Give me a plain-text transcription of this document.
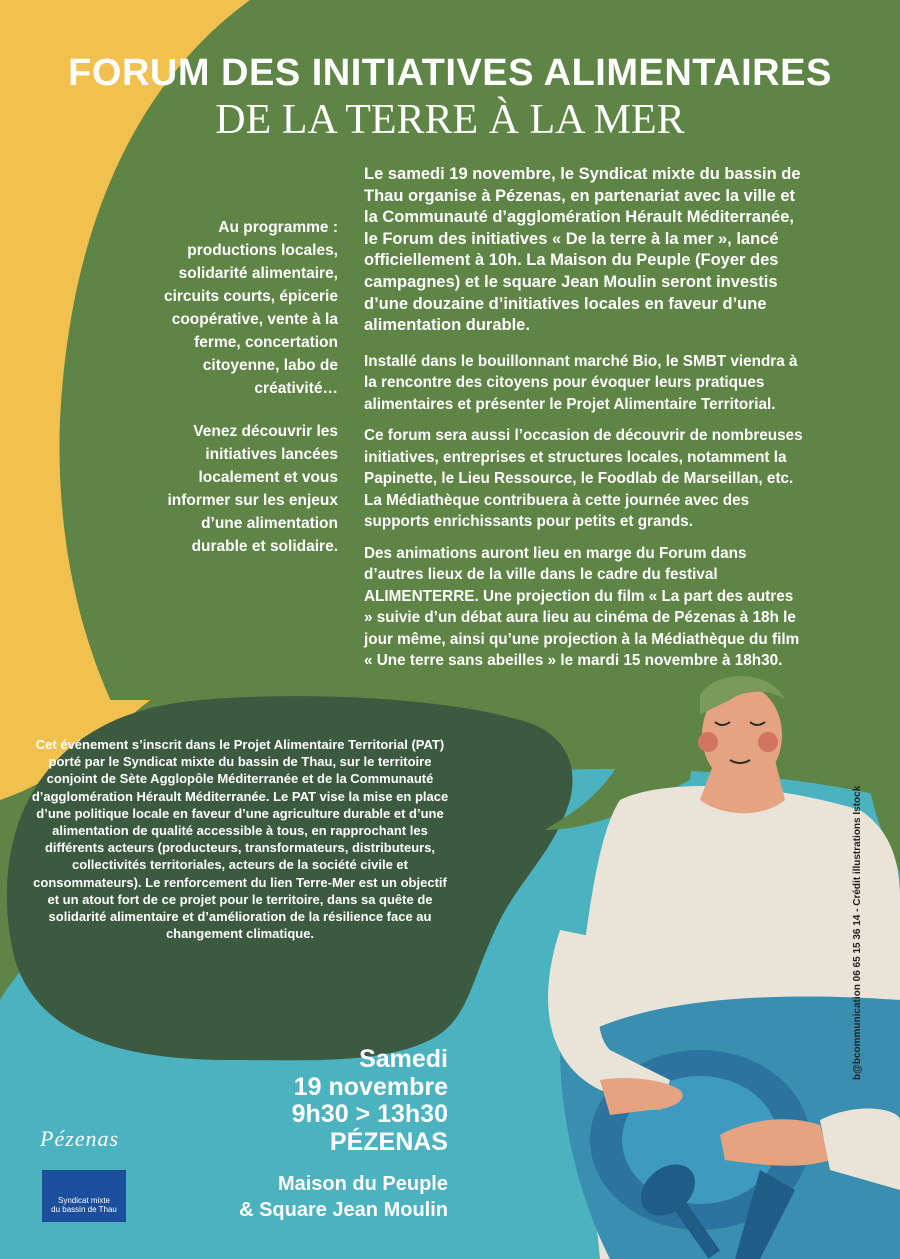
FORUM DES INITIATIVES ALIMENTAIRES
DE LA TERRE À LA MER

Au programme : productions locales, solidarité alimentaire, circuits courts, épicerie coopérative, vente à la ferme, concertation citoyenne, labo de créativité…

Venez découvrir les initiatives lancées localement et vous informer sur les enjeux d’une alimentation durable et solidaire.

Le samedi 19 novembre, le Syndicat mixte du bassin de Thau organise à Pézenas, en partenariat avec la ville et la Communauté d’agglomération Hérault Méditerranée, le Forum des initiatives « De la terre à la mer », lancé officiellement à 10h. La Maison du Peuple (Foyer des campagnes) et le square Jean Moulin seront investis d’une douzaine d’initiatives locales en faveur d’une alimentation durable.

Installé dans le bouillonnant marché Bio, le SMBT viendra à la rencontre des citoyens pour évoquer leurs pratiques alimentaires et présenter le Projet Alimentaire Territorial.

Ce forum sera aussi l’occasion de découvrir de nombreuses initiatives, entreprises et structures locales, notamment la Papinette, le Lieu Ressource, le Foodlab de Marseillan, etc. La Médiathèque contribuera à cette journée avec des supports enrichissants pour petits et grands.

Des animations auront lieu en marge du Forum dans d’autres lieux de la ville dans le cadre du festival ALIMENTERRE. Une projection du film « La part des autres » suivie d’un débat aura lieu au cinéma de Pézenas à 18h le jour même, ainsi qu’une projection à la Médiathèque du film « Une terre sans abeilles » le mardi 15 novembre à 18h30.

Cet événement s’inscrit dans le Projet Alimentaire Territorial (PAT) porté par le Syndicat mixte du bassin de Thau, sur le territoire conjoint de Sète Agglopôle Méditerranée et de la Communauté d’agglomération Hérault Méditerranée. Le PAT vise la mise en place d’une politique locale en faveur d’une agriculture durable et d’une alimentation de qualité accessible à tous, en rapprochant les différents acteurs (producteurs, transformateurs, distributeurs, collectivités territoriales, acteurs de la société civile et consommateurs). Le renforcement du lien Terre-Mer est un objectif et un atout fort de ce projet pour le territoire, dans sa quête de solidarité alimentaire et d’amélioration de la résilience face au changement climatique.
Samedi
19 novembre
9h30 > 13h30
PÉZENAS
Maison du Peuple
& Square Jean Moulin
Pézenas
Syndicat mixte
du bassin de Thau
b@bcommunication 06 65 15 36 14 - Crédit illustrations Istock
